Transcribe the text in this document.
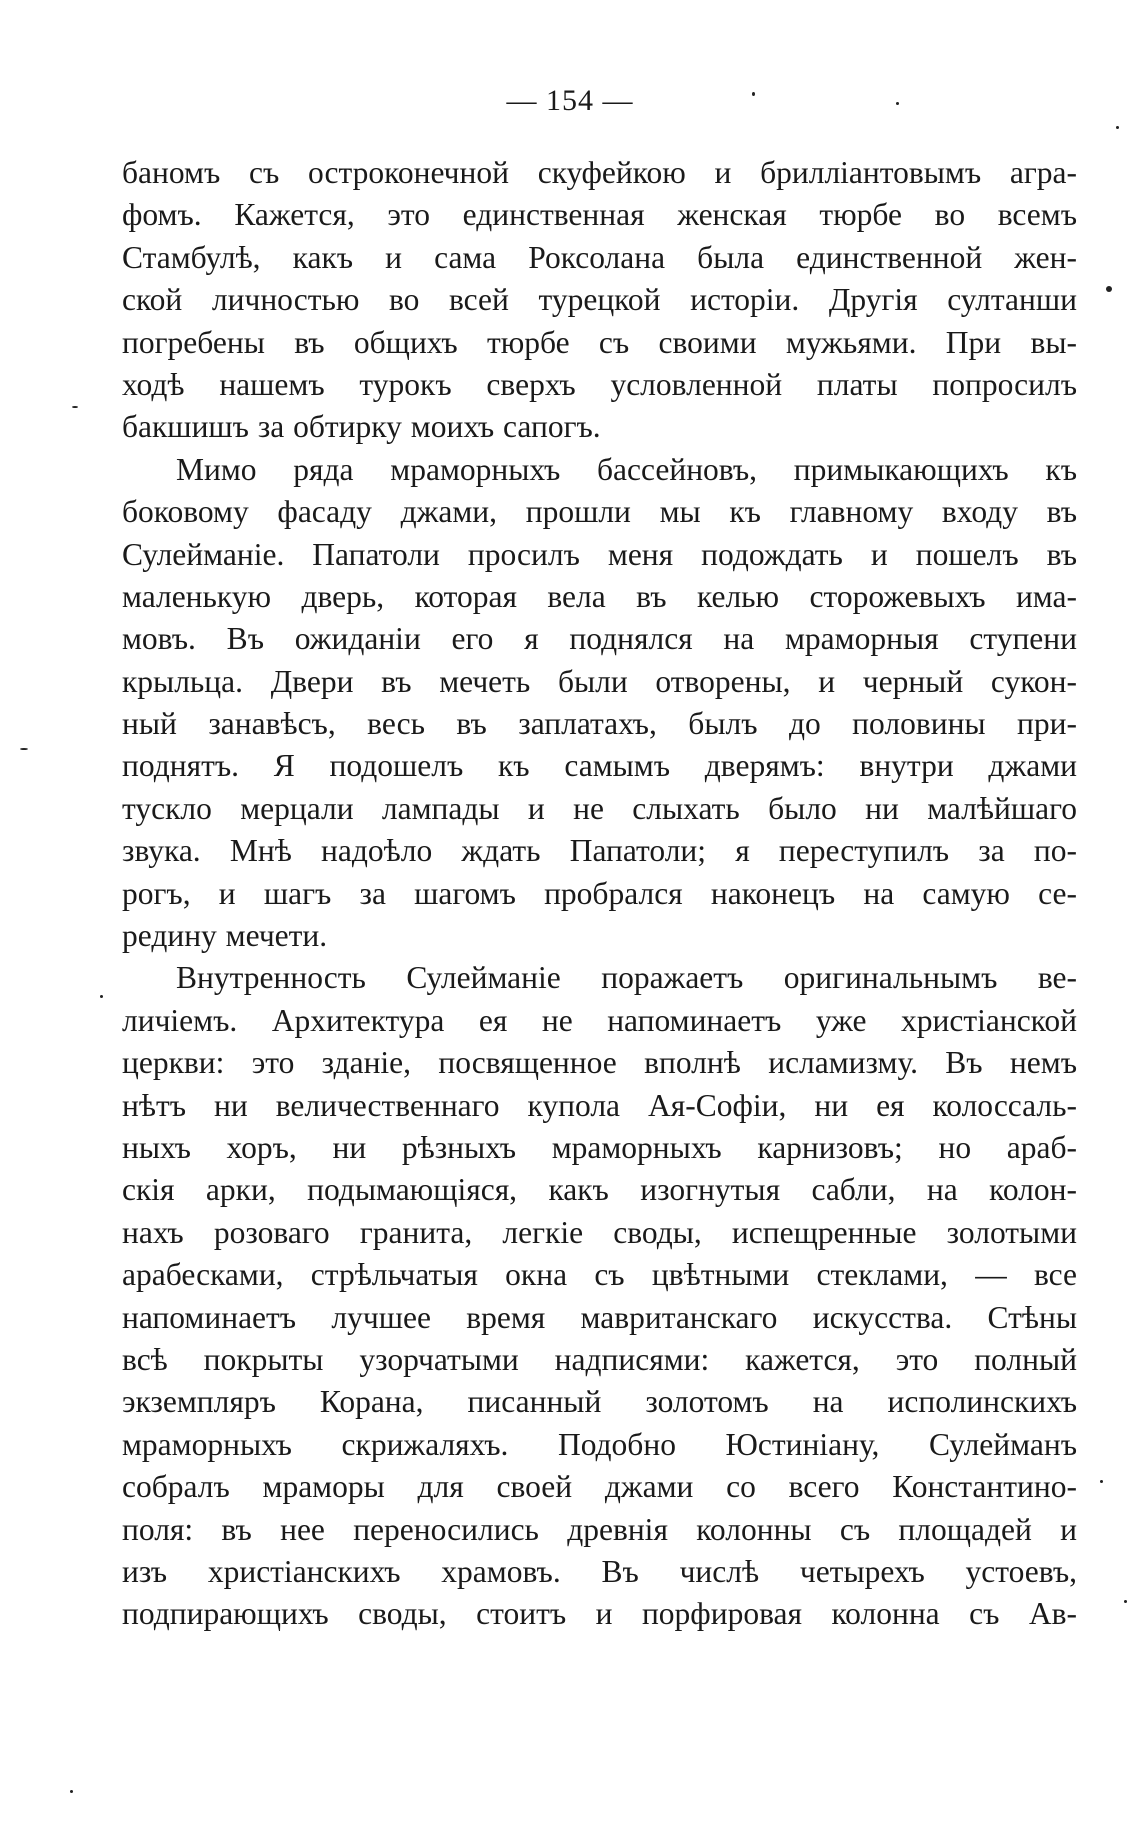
— 154 —
баномъ съ остроконечной скуфейкою и брилліантовымъ агра-
фомъ. Кажется, это единственная женская тюрбе во всемъ
Стамбулѣ, какъ и сама Роксолана была единственной жен-
ской личностью во всей турецкой исторіи. Другія султанши
погребены въ общихъ тюрбе съ своими мужьями. При вы-
ходѣ нашемъ турокъ сверхъ условленной платы попросилъ
бакшишъ за обтирку моихъ сапогъ.
Мимо ряда мраморныхъ бассейновъ, примыкающихъ къ
боковому фасаду джами, прошли мы къ главному входу въ
Сулейманіе. Папатоли просилъ меня подождать и пошелъ въ
маленькую дверь, которая вела въ келью сторожевыхъ има-
мовъ. Въ ожиданіи его я поднялся на мраморныя ступени
крыльца. Двери въ мечеть были отворены, и черный сукон-
ный занавѣсъ, весь въ заплатахъ, былъ до половины при-
поднятъ. Я подошелъ къ самымъ дверямъ: внутри джами
тускло мерцали лампады и не слыхать было ни малѣйшаго
звука. Мнѣ надоѣло ждать Папатоли; я переступилъ за по-
рогъ, и шагъ за шагомъ пробрался наконецъ на самую се-
редину мечети.
Внутренность Сулейманіе поражаетъ оригинальнымъ ве-
личіемъ. Архитектура ея не напоминаетъ уже христіанской
церкви: это зданіе, посвященное вполнѣ исламизму. Въ немъ
нѣтъ ни величественнаго купола Ая-Софіи, ни ея колоссаль-
ныхъ хоръ, ни рѣзныхъ мраморныхъ карнизовъ; но араб-
скія арки, подымающіяся, какъ изогнутыя сабли, на колон-
нахъ розоваго гранита, легкіе своды, испещренные золотыми
арабесками, стрѣльчатыя окна съ цвѣтными стеклами, — все
напоминаетъ лучшее время мавританскаго искусства. Стѣны
всѣ покрыты узорчатыми надписями: кажется, это полный
экземпляръ Корана, писанный золотомъ на исполинскихъ
мраморныхъ скрижаляхъ. Подобно Юстиніану, Сулейманъ
собралъ мраморы для своей джами со всего Константино-
поля: въ нее переносились древнія колонны съ площадей и
изъ христіанскихъ храмовъ. Въ числѣ четырехъ устоевъ,
подпирающихъ своды, стоитъ и порфировая колонна съ Ав-
